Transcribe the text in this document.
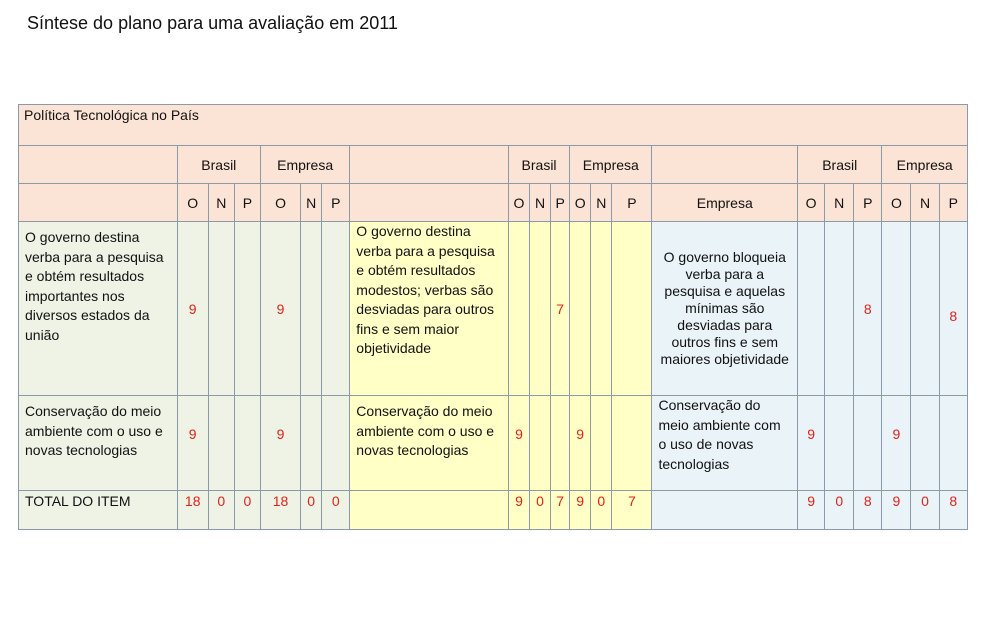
Síntese do plano para uma avaliação em 2011
Política Tecnológica no País																				
	Brasil			Empresa				Brasil			Empresa				Brasil			Empresa		
	O	N	P	O	N	P		O	N	P	O	N	P	Empresa	O	N	P	O	N	P
O governo destina verba para a pesquisa e obtém resultados importantes nos diversos estados da união	9			9			O governo destina verba para a pesquisa e obtém resultados modestos; verbas são desviadas para outros fins e sem maior objetividade			7				O governo bloqueia verba para a pesquisa e aquelas mínimas são desviadas para outros fins e sem maiores objetividade			8			8
Conservação do meio ambiente com o uso e novas tecnologias	9			9			Conservação do meio ambiente com o uso e novas tecnologias	9			9			Conservação do meio ambiente com o uso de novas tecnologias	9			9		
TOTAL DO ITEM	18	0	0	18	0	0		9	0	7	9	0	7		9	0	8	9	0	8
